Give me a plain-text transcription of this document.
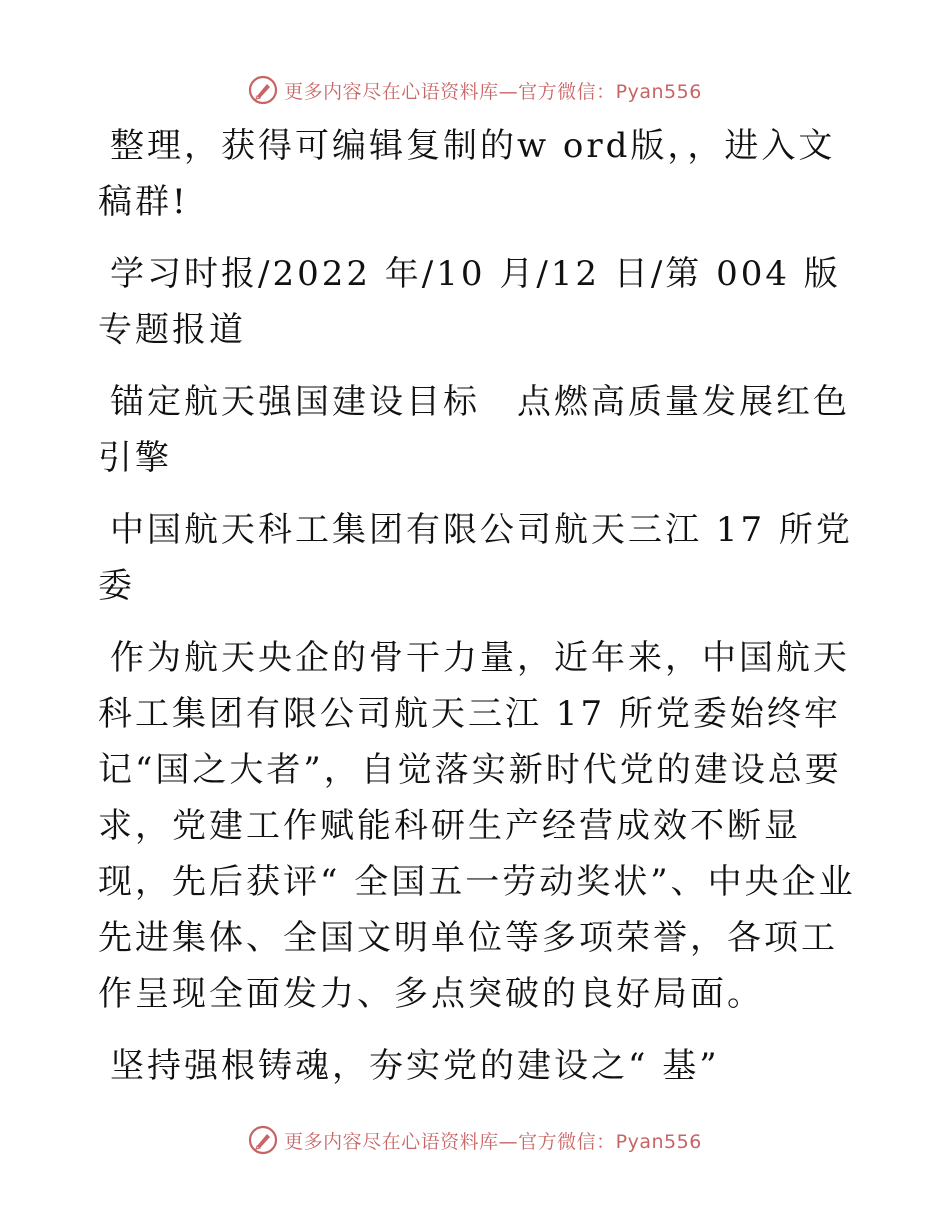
更多内容尽在心语资料库—官方微信：Pyan556

整理，获得可编辑复制的w ord版，，进入文稿群!

学习时报/2022 年/10 月/12 日/第 004 版专题报道

锚定航天强国建设目标　点燃高质量发展红色引擎

中国航天科工集团有限公司航天三江 17 所党委

作为航天央企的骨干力量，近年来，中国航天科工集团有限公司航天三江 17 所党委始终牢记“国之大者”，自觉落实新时代党的建设总要求，党建工作赋能科研生产经营成效不断显现，先后获评“ 全国五一劳动奖状”、中央企业先进集体、全国文明单位等多项荣誉，各项工作呈现全面发力、多点突破的良好局面。

坚持强根铸魂，夯实党的建设之“ 基”

更多内容尽在心语资料库—官方微信：Pyan556
